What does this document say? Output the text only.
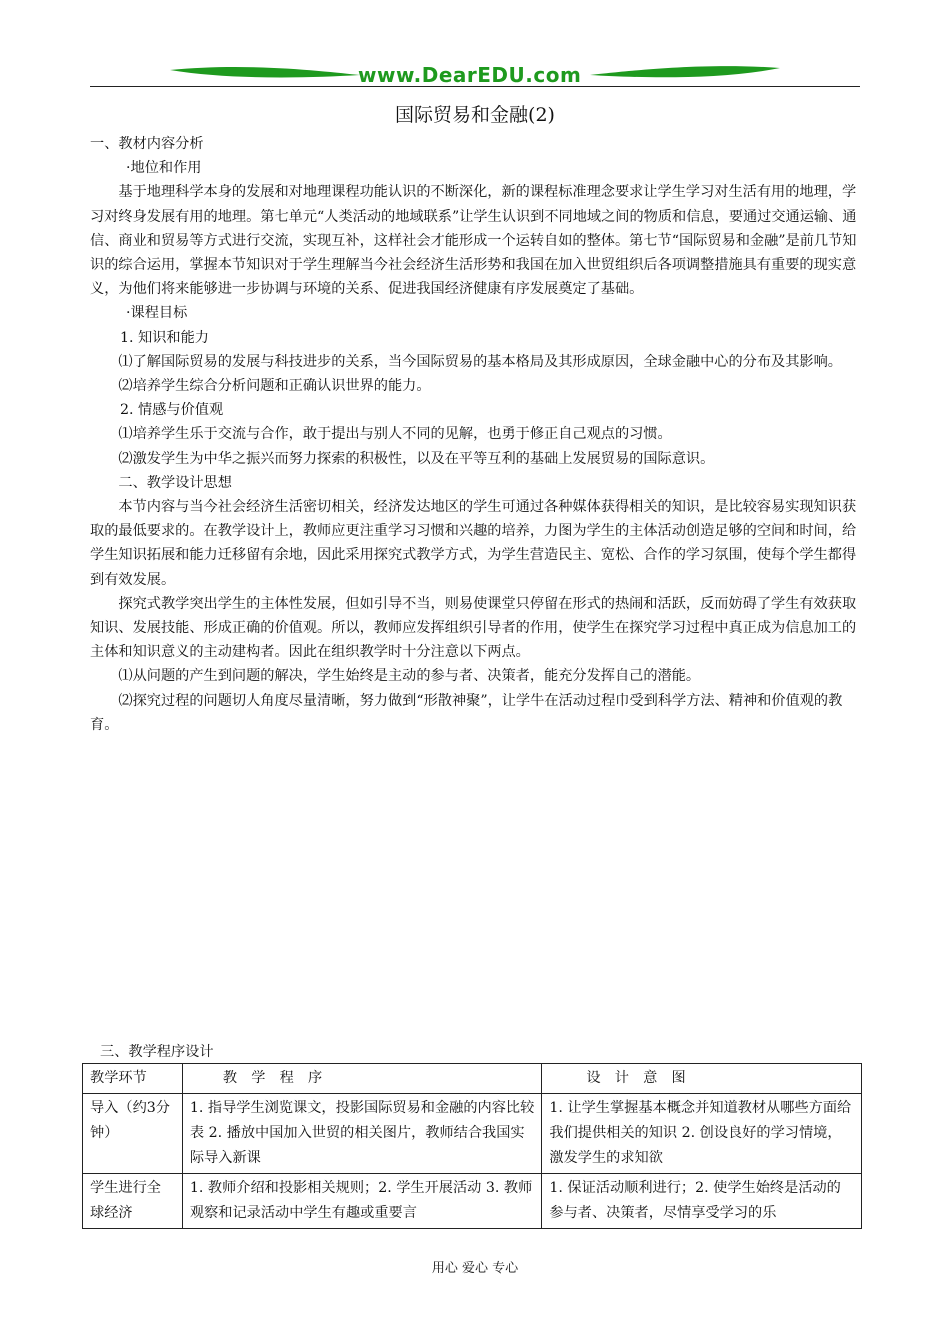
www.DearEDU.com
国际贸易和金融(2)

一、教材内容分析

·地位和作用

基于地理科学本身的发展和对地理课程功能认识的不断深化，新的课程标准理念要求让学生学习对生活有用的地理，学习对终身发展有用的地理。第七单元“人类活动的地域联系”让学生认识到不同地域之间的物质和信息，要通过交通运输、通信、商业和贸易等方式进行交流，实现互补，这样社会才能形成一个运转自如的整体。第七节“国际贸易和金融”是前几节知识的综合运用，掌握本节知识对于学生理解当今社会经济生活形势和我国在加入世贸组织后各项调整措施具有重要的现实意义，为他们将来能够进一步协调与环境的关系、促进我国经济健康有序发展奠定了基础。

·课程目标

1. 知识和能力

⑴了解国际贸易的发展与科技进步的关系，当今国际贸易的基本格局及其形成原因，全球金融中心的分布及其影响。

⑵培养学生综合分析问题和正确认识世界的能力。

2. 情感与价值观

⑴培养学生乐于交流与合作，敢于提出与别人不同的见解，也勇于修正自己观点的习惯。

⑵激发学生为中华之振兴而努力探索的积极性，以及在平等互利的基础上发展贸易的国际意识。

二、教学设计思想

本节内容与当今社会经济生活密切相关，经济发达地区的学生可通过各种媒体获得相关的知识，是比较容易实现知识获取的最低要求的。在教学设计上，教师应更注重学习习惯和兴趣的培养，力图为学生的主体活动创造足够的空间和时间，给学生知识拓展和能力迁移留有余地，因此采用探究式教学方式，为学生营造民主、宽松、合作的学习氛围，使每个学生都得到有效发展。

探究式教学突出学生的主体性发展，但如引导不当，则易使课堂只停留在形式的热闹和活跃，反而妨碍了学生有效获取知识、发展技能、形成正确的价值观。所以，教师应发挥组织引导者的作用，使学生在探究学习过程中真正成为信息加工的主体和知识意义的主动建构者。因此在组织教学时十分注意以下两点。

⑴从问题的产生到问题的解决，学生始终是主动的参与者、决策者，能充分发挥自己的潜能。

⑵探究过程的问题切人角度尽量清晰，努力做到“形散神聚”，让学牛在活动过程巾受到科学方法、精神和价值观的教育。

三、教学程序设计
教学环节	教　学　程　序	设　计　意　图
导入（约3分钟）	1. 指导学生浏览课文，投影国际贸易和金融的内容比较表 2. 播放中国加入世贸的相关图片，教师结合我国实际导入新课	1. 让学生掌握基本概念并知道教材从哪些方面给我们提供相关的知识 2. 创设良好的学习情境，激发学生的求知欲
学生进行全球经济	1. 教师介绍和投影相关规则；2. 学生开展活动 3. 教师观察和记录活动中学生有趣或重要言	1. 保证活动顺利进行；2. 使学生始终是活动的参与者、决策者，尽情享受学习的乐
用心 爱心 专心
